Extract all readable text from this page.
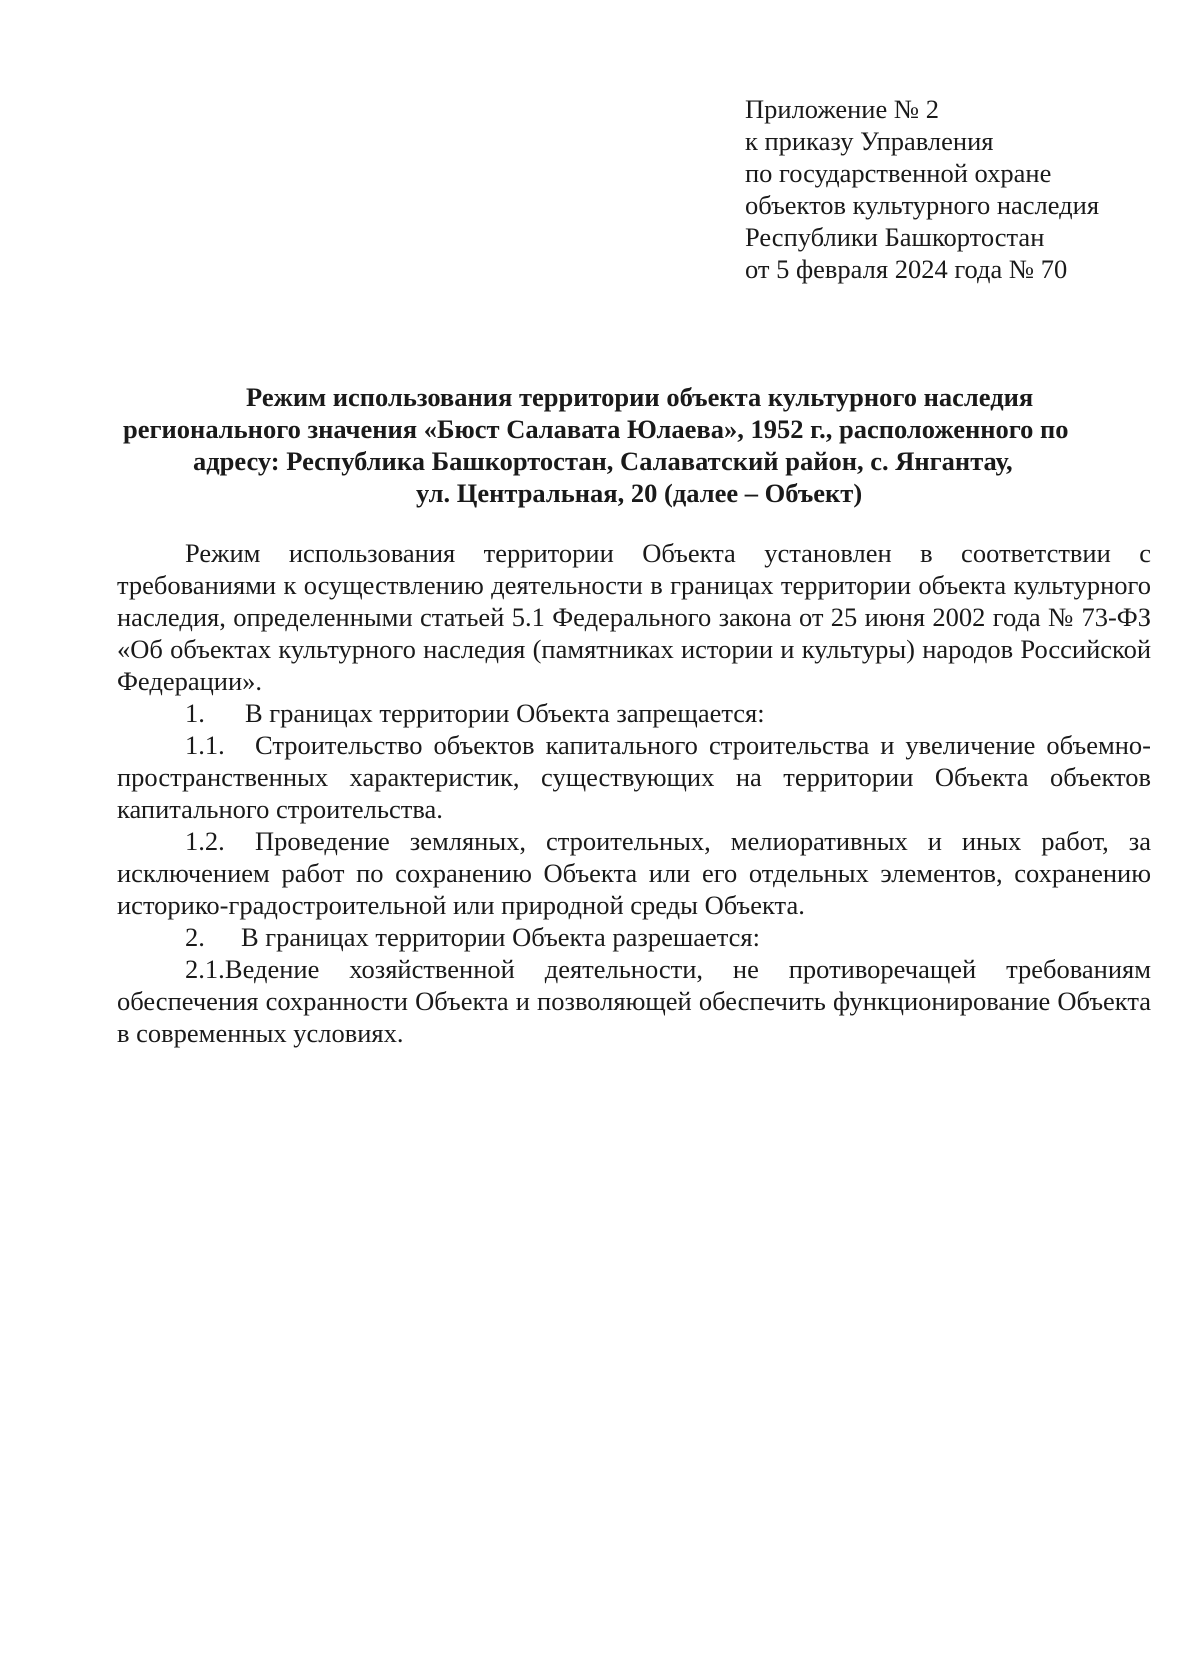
Приложение № 2
к приказу Управления
по государственной охране
объектов культурного наследия
Республики Башкортостан
от 5 февраля 2024 года № 70
Режим использования территории объекта культурного наследия
регионального значения «Бюст Салавата Юлаева», 1952 г., расположенного по
адресу: Республика Башкортостан, Салаватский район, с. Янгантау,
ул. Центральная, 20 (далее – Объект)

Режим использования территории Объекта установлен в соответствии с требованиями к осуществлению деятельности в границах территории объекта культурного наследия, определенными статьей 5.1 Федерального закона от 25 июня 2002 года № 73-ФЗ «Об объектах культурного наследия (памятниках истории и культуры) народов Российской Федерации».

1. В границах территории Объекта запрещается:

1.1. Строительство объектов капитального строительства и увеличение объемно-пространственных характеристик, существующих на территории Объекта объектов капитального строительства.

1.2. Проведение земляных, строительных, мелиоративных и иных работ, за исключением работ по сохранению Объекта или его отдельных элементов, сохранению историко-градостроительной или природной среды Объекта.

2. В границах территории Объекта разрешается:

2.1. Ведение хозяйственной деятельности, не противоречащей требованиям обеспечения сохранности Объекта и позволяющей обеспечить функционирование Объекта в современных условиях.
